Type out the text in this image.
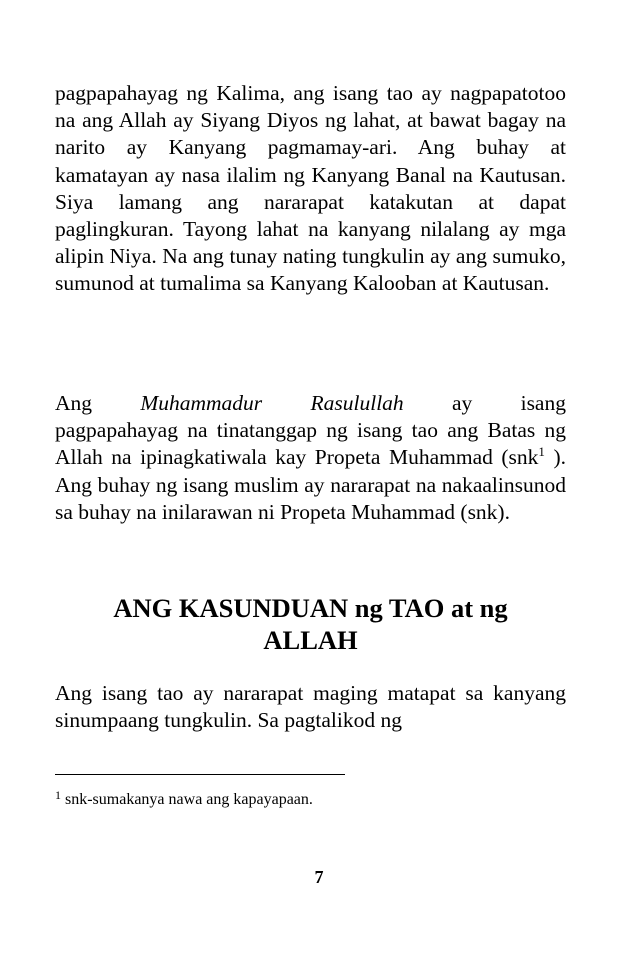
pagpapahayag ng Kalima, ang isang tao ay nagpapatotoo na ang Allah ay Siyang Diyos ng lahat, at bawat bagay na narito ay Kanyang pagmamay-ari. Ang buhay at kamatayan ay nasa ilalim ng Kanyang Banal na Kautusan. Siya lamang ang nararapat katakutan at dapat paglingkuran. Tayong lahat na kanyang nilalang ay mga alipin Niya. Na ang tunay nating tungkulin ay ang sumuko, sumunod at tumalima sa Kanyang Kalooban at Kautusan.

Ang Muhammadur Rasulullah ay isang
pagpapahayag na tinatanggap ng isang tao ang Batas ng Allah na ipinagkatiwala kay Propeta Muhammad (snk$^1$ ). Ang buhay ng isang muslim ay nararapat na nakaalinsunod sa buhay na inilarawan ni Propeta Muhammad (snk).
ANG KASUNDUAN ng TAO at ng
ALLAH

Ang isang tao ay nararapat maging matapat sa kanyang sinumpaang tungkulin. Sa pagtalikod ng

$^1$ snk-sumakanya nawa ang kapayapaan.
7
